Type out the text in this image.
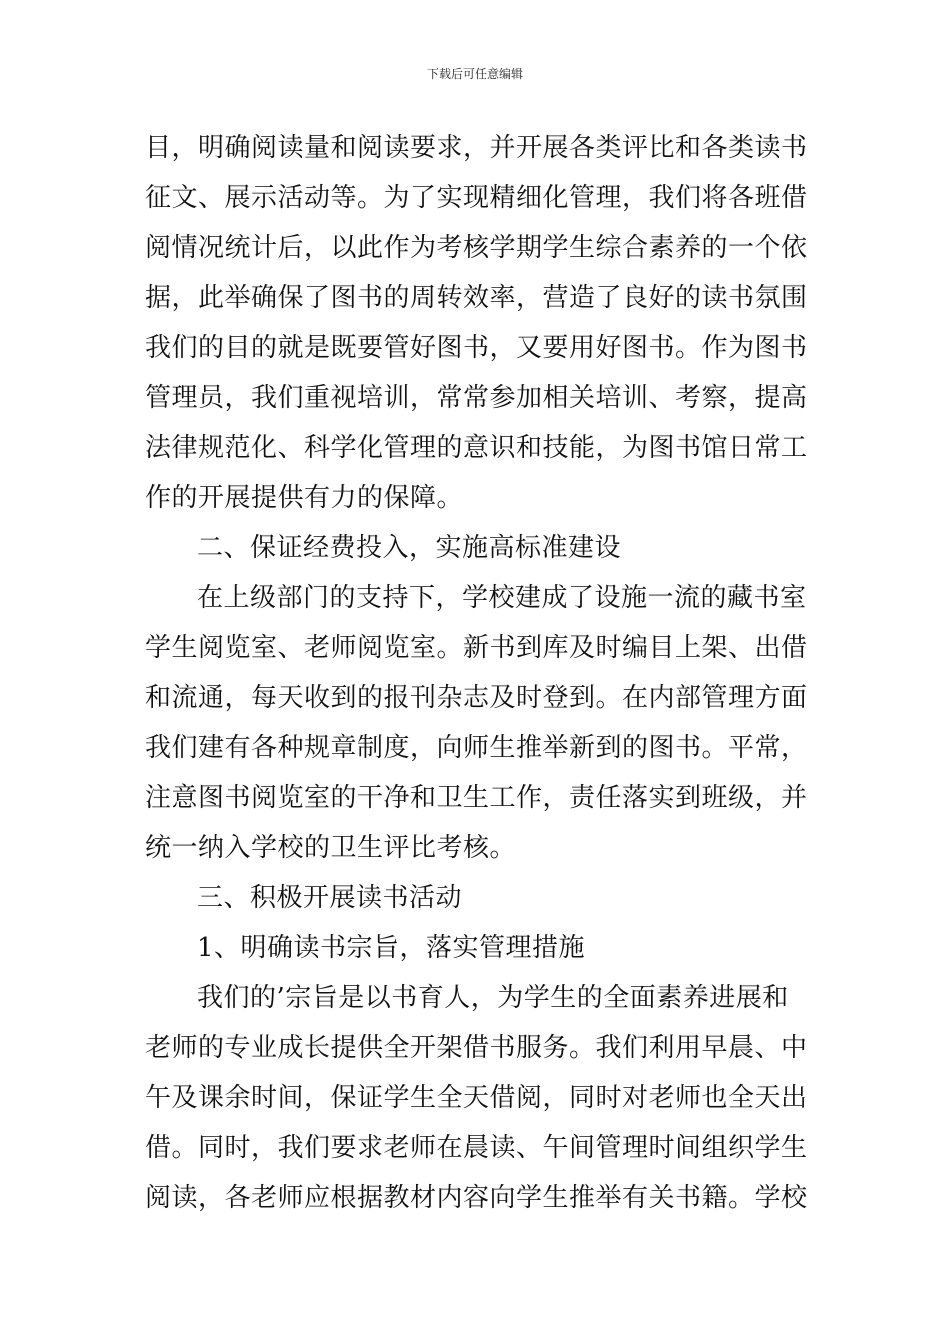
下载后可任意编辑
目，明确阅读量和阅读要求，并开展各类评比和各类读书
征文、展示活动等。为了实现精细化管理，我们将各班借
阅情况统计后，以此作为考核学期学生综合素养的一个依
据，此举确保了图书的周转效率，营造了良好的读书氛围
我们的目的就是既要管好图书，又要用好图书。作为图书
管理员，我们重视培训，常常参加相关培训、考察，提高
法律规范化、科学化管理的意识和技能，为图书馆日常工
作的开展提供有力的保障。
二、保证经费投入，实施高标准建设
在上级部门的支持下，学校建成了设施一流的藏书室
学生阅览室、老师阅览室。新书到库及时编目上架、出借
和流通，每天收到的报刊杂志及时登到。在内部管理方面
我们建有各种规章制度，向师生推举新到的图书。平常，
注意图书阅览室的干净和卫生工作，责任落实到班级，并
统一纳入学校的卫生评比考核。
三、积极开展读书活动
1、明确读书宗旨，落实管理措施
我们的’宗旨是以书育人，为学生的全面素养进展和
老师的专业成长提供全开架借书服务。我们利用早晨、中
午及课余时间，保证学生全天借阅，同时对老师也全天出
借。同时，我们要求老师在晨读、午间管理时间组织学生
阅读，各老师应根据教材内容向学生推举有关书籍。学校
